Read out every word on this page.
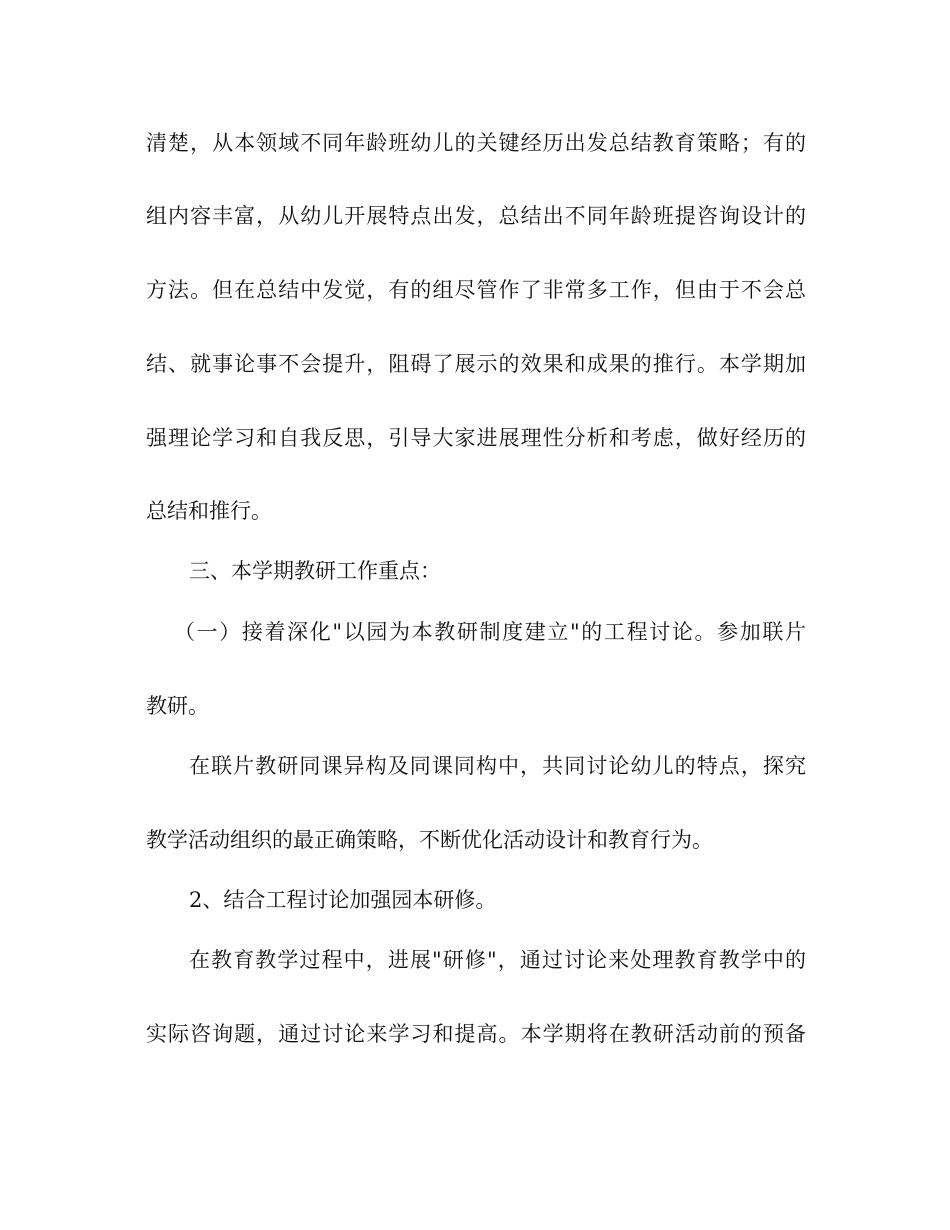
清楚，从本领域不同年龄班幼儿的关键经历出发总结教育策略；有的
组内容丰富，从幼儿开展特点出发，总结出不同年龄班提咨询设计的
方法。但在总结中发觉，有的组尽管作了非常多工作，但由于不会总
结、就事论事不会提升，阻碍了展示的效果和成果的推行。本学期加
强理论学习和自我反思，引导大家进展理性分析和考虑，做好经历的
总结和推行。
三、本学期教研工作重点：
（一）接着深化"以园为本教研制度建立"的工程讨论。参加联片
教研。
在联片教研同课异构及同课同构中，共同讨论幼儿的特点，探究
教学活动组织的最正确策略，不断优化活动设计和教育行为。
2、结合工程讨论加强园本研修。
在教育教学过程中，进展"研修"，通过讨论来处理教育教学中的
实际咨询题，通过讨论来学习和提高。本学期将在教研活动前的预备
